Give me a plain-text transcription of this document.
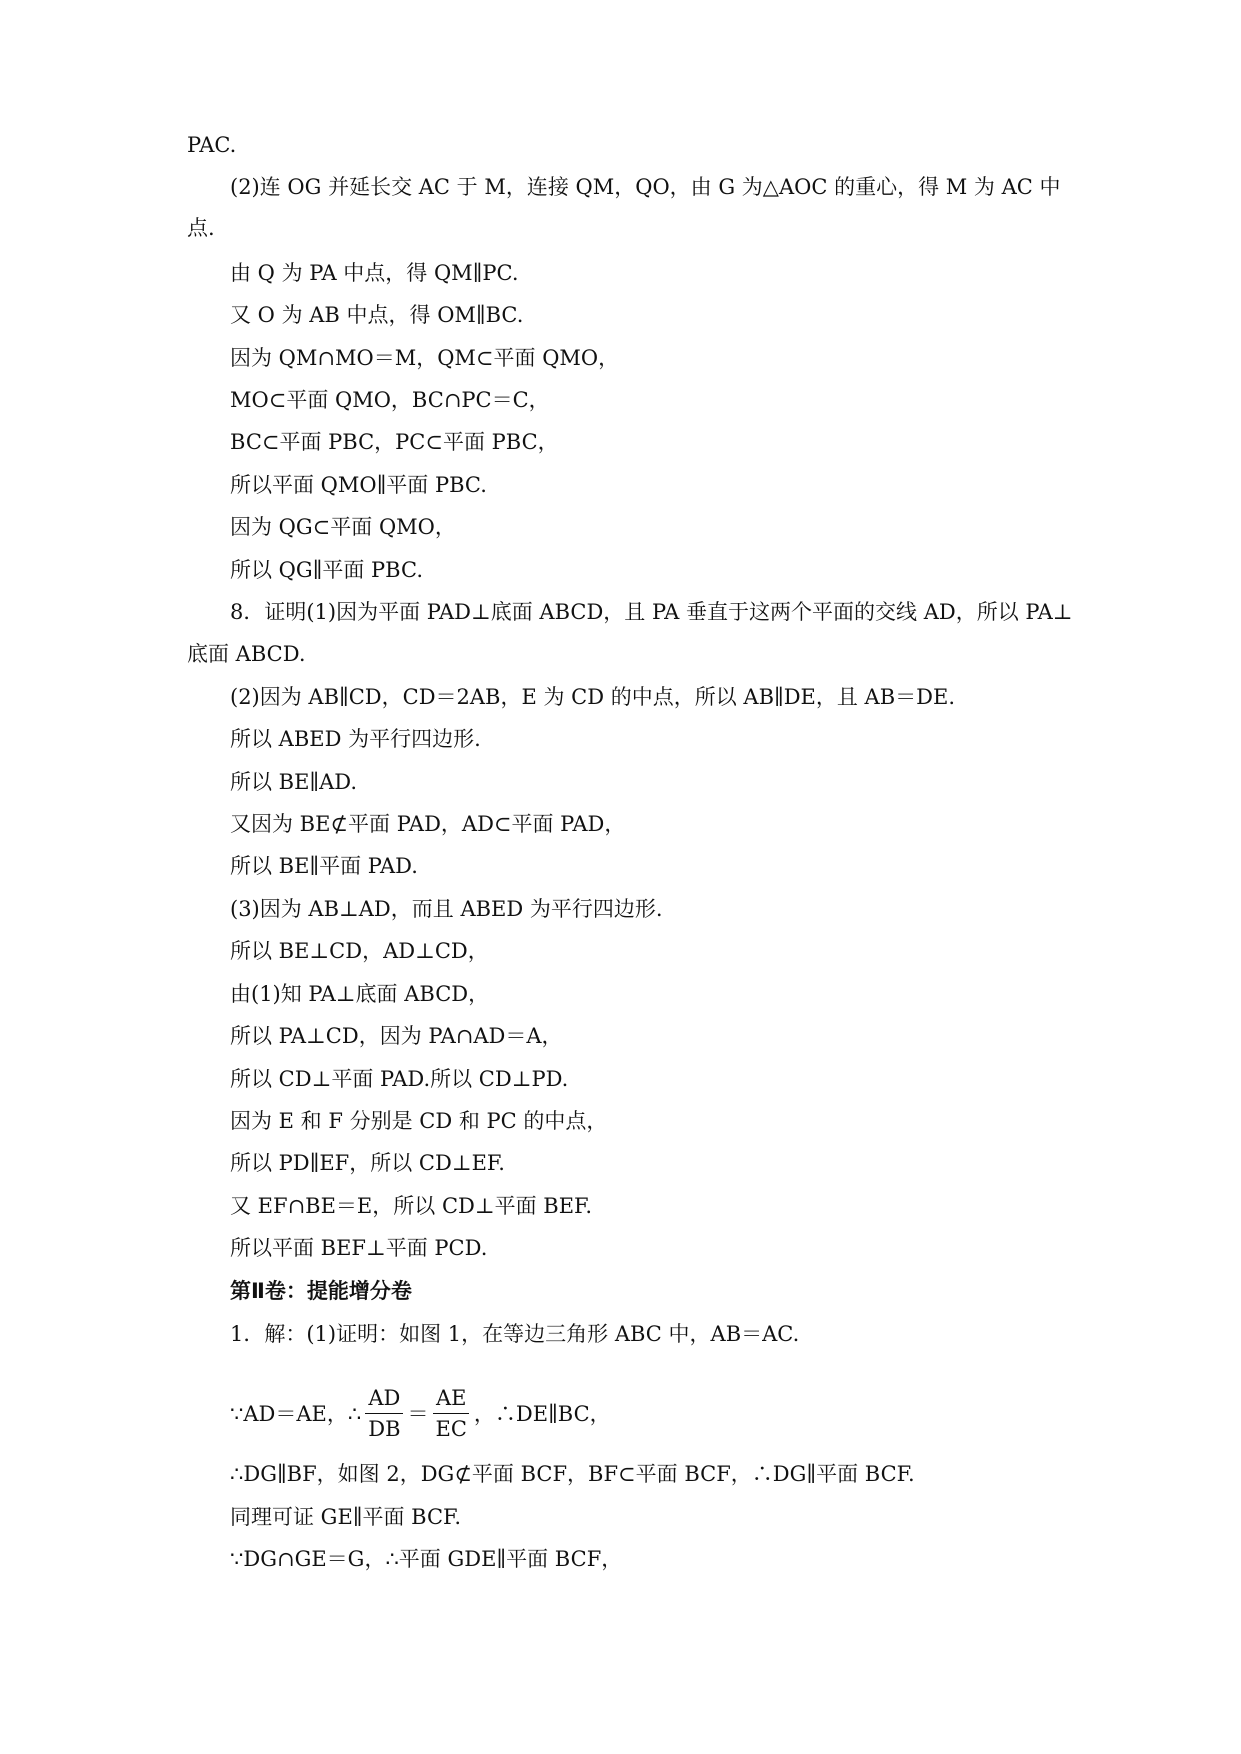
PAC.
(2)连 OG 并延长交 AC 于 M，连接 QM，QO，由 G 为△AOC 的重心，得 M 为 AC 中
点.
由 Q 为 PA 中点，得 QM∥PC.
又 O 为 AB 中点，得 OM∥BC.
因为 QM∩MO＝M，QM⊂平面 QMO，
MO⊂平面 QMO，BC∩PC＝C，
BC⊂平面 PBC，PC⊂平面 PBC，
所以平面 QMO∥平面 PBC.
因为 QG⊂平面 QMO，
所以 QG∥平面 PBC.
8．证明(1)因为平面 PAD⊥底面 ABCD，且 PA 垂直于这两个平面的交线 AD，所以 PA⊥
底面 ABCD.
(2)因为 AB∥CD，CD＝2AB，E 为 CD 的中点，所以 AB∥DE，且 AB＝DE.
所以 ABED 为平行四边形.
所以 BE∥AD.
又因为 BE⊄平面 PAD，AD⊂平面 PAD，
所以 BE∥平面 PAD.
(3)因为 AB⊥AD，而且 ABED 为平行四边形.
所以 BE⊥CD，AD⊥CD，
由(1)知 PA⊥底面 ABCD，
所以 PA⊥CD，因为 PA∩AD＝A，
所以 CD⊥平面 PAD.所以 CD⊥PD.
因为 E 和 F 分别是 CD 和 PC 的中点，
所以 PD∥EF，所以 CD⊥EF.
又 EF∩BE＝E，所以 CD⊥平面 BEF.
所以平面 BEF⊥平面 PCD.
第Ⅱ卷：提能增分卷
1．解：(1)证明：如图 1，在等边三角形 ABC 中，AB＝AC.
∵AD＝AE，∴ $\frac{AD}{DB} = \frac{AE}{EC}$ ，∴DE∥BC，
∴DG∥BF，如图 2，DG⊄平面 BCF，BF⊂平面 BCF，∴DG∥平面 BCF.
同理可证 GE∥平面 BCF.
∵DG∩GE＝G，∴平面 GDE∥平面 BCF，
